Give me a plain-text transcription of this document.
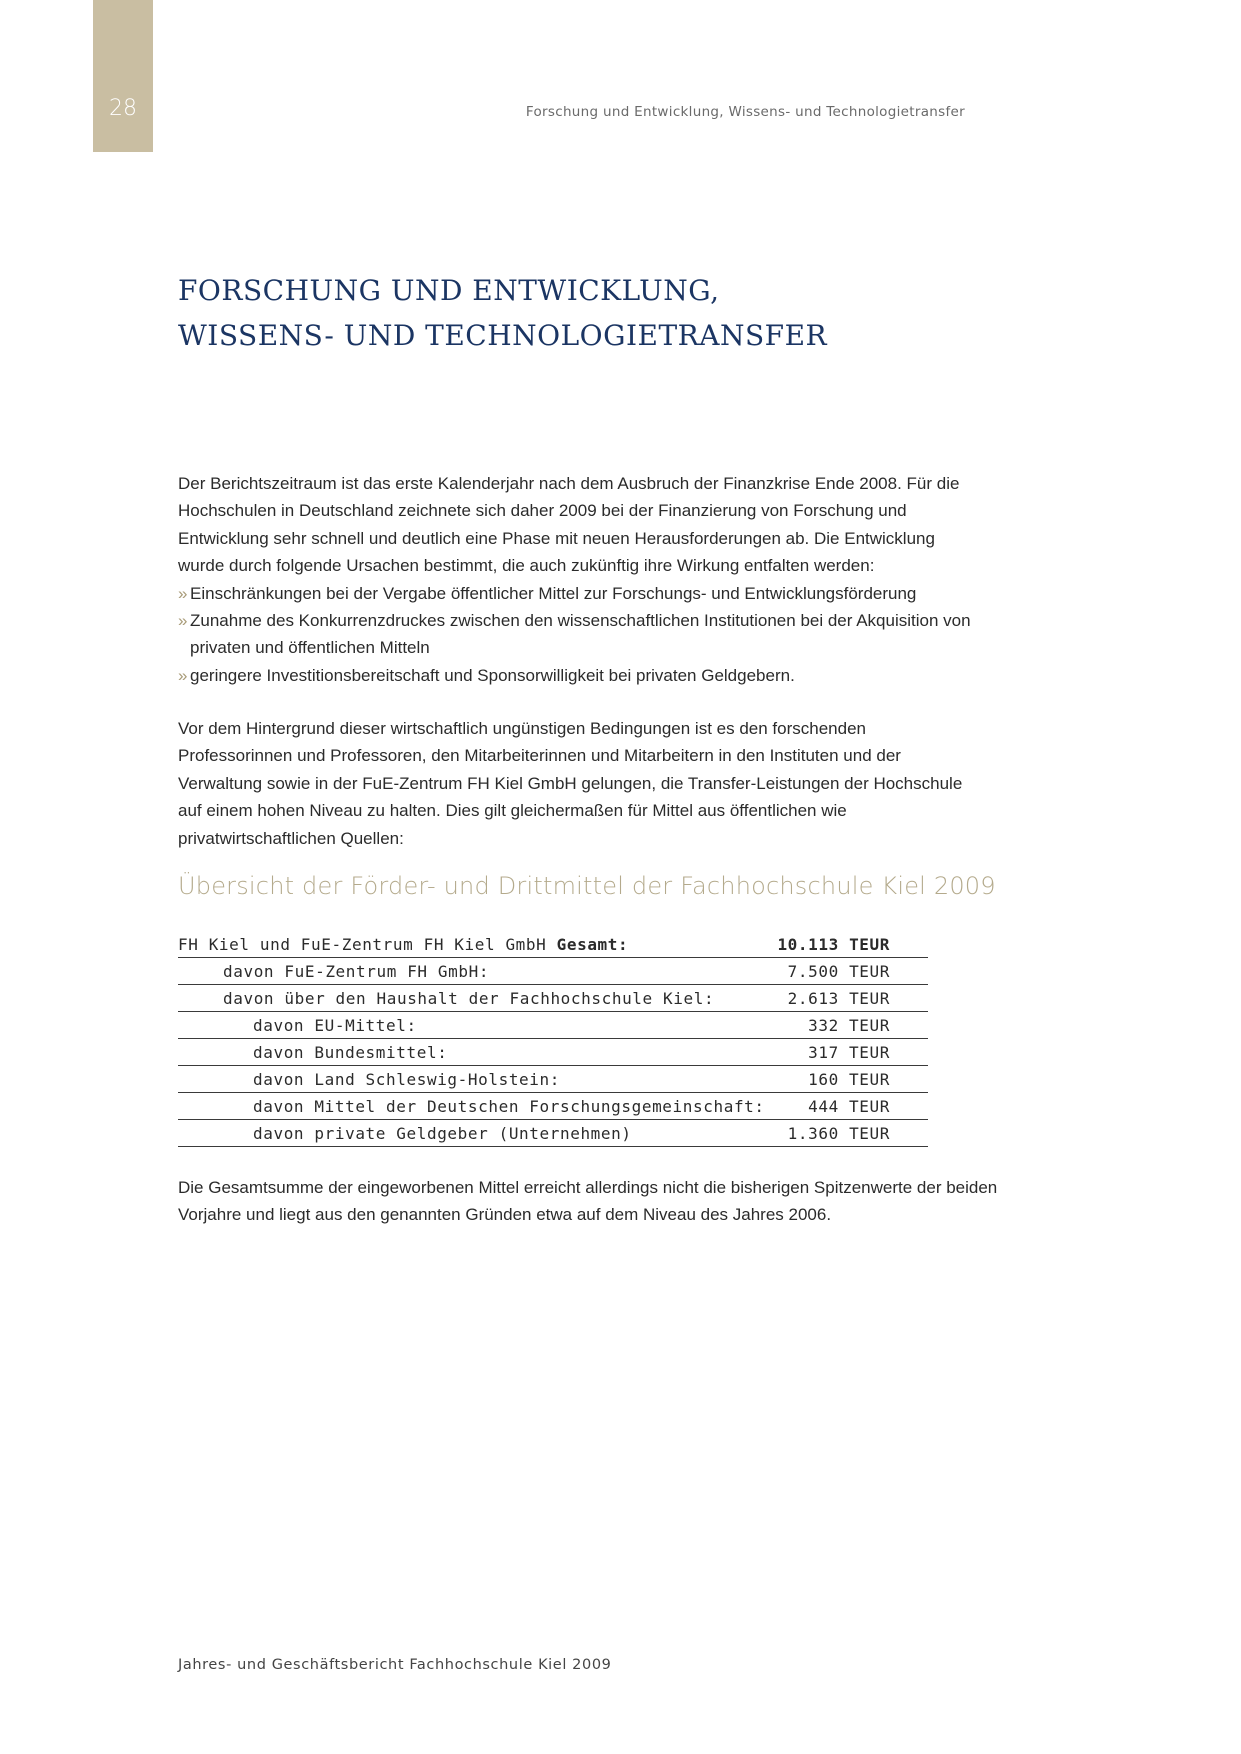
28	Forschung und Entwicklung, Wissens- und Technologietransfer
FORSCHUNG UND ENTWICKLUNG,
WISSENS- UND TECHNOLOGIETRANSFER

Der Berichtszeitraum ist das erste Kalenderjahr nach dem Ausbruch der Finanzkrise Ende 2008. Für die Hochschulen in Deutschland zeichnete sich daher 2009 bei der Finanzierung von Forschung und Entwicklung sehr schnell und deutlich eine Phase mit neuen Herausforderungen ab. Die Entwicklung wurde durch folgende Ursachen bestimmt, die auch zukünftig ihre Wirkung entfalten werden:

» Einschränkungen bei der Vergabe öffentlicher Mittel zur Forschungs- und Entwicklungsförderung
» Zunahme des Konkurrenzdruckes zwischen den wissenschaftlichen Institutionen bei der Akquisition von privaten und öffentlichen Mitteln
» geringere Investitionsbereitschaft und Sponsorwilligkeit bei privaten Geldgebern.

Vor dem Hintergrund dieser wirtschaftlich ungünstigen Bedingungen ist es den forschenden Professorinnen und Professoren, den Mitarbeiterinnen und Mitarbeitern in den Instituten und der Verwaltung sowie in der FuE-Zentrum FH Kiel GmbH gelungen, die Transfer-Leistungen der Hochschule auf einem hohen Niveau zu halten. Dies gilt gleichermaßen für Mittel aus öffentlichen wie privatwirtschaftlichen Quellen:

Übersicht der Förder- und Drittmittel der Fachhochschule Kiel 2009
FH Kiel und FuE-Zentrum FH Kiel GmbH Gesamt:	10.113 TEUR
davon FuE-Zentrum FH GmbH:	7.500 TEUR
davon über den Haushalt der Fachhochschule Kiel:	2.613 TEUR
davon EU-Mittel:	332 TEUR
davon Bundesmittel:	317 TEUR
davon Land Schleswig-Holstein:	160 TEUR
davon Mittel der Deutschen Forschungsgemeinschaft:	444 TEUR
davon private Geldgeber (Unternehmen)	1.360 TEUR

Die Gesamtsumme der eingeworbenen Mittel erreicht allerdings nicht die bisherigen Spitzenwerte der beiden Vorjahre und liegt aus den genannten Gründen etwa auf dem Niveau des Jahres 2006.

Jahres- und Geschäftsbericht Fachhochschule Kiel 2009
